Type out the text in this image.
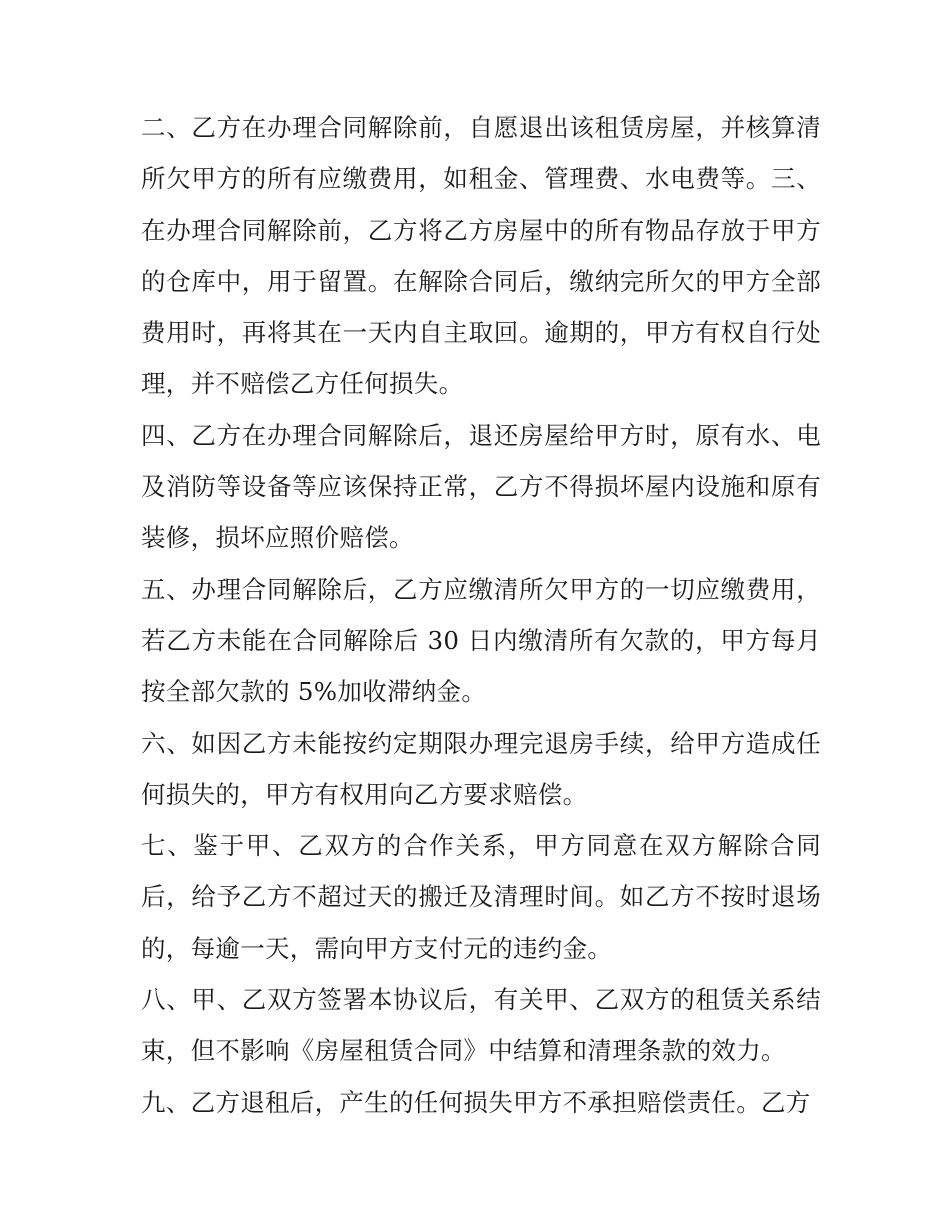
二、乙方在办理合同解除前，自愿退出该租赁房屋，并核算清所欠甲方的所有应缴费用，如租金、管理费、水电费等。三、在办理合同解除前，乙方将乙方房屋中的所有物品存放于甲方的仓库中，用于留置。在解除合同后，缴纳完所欠的甲方全部费用时，再将其在一天内自主取回。逾期的，甲方有权自行处理，并不赔偿乙方任何损失。

四、乙方在办理合同解除后，退还房屋给甲方时，原有水、电及消防等设备等应该保持正常，乙方不得损坏屋内设施和原有装修，损坏应照价赔偿。

五、办理合同解除后，乙方应缴清所欠甲方的一切应缴费用，若乙方未能在合同解除后 30 日内缴清所有欠款的，甲方每月按全部欠款的 5%加收滞纳金。

六、如因乙方未能按约定期限办理完退房手续，给甲方造成任何损失的，甲方有权用向乙方要求赔偿。

七、鉴于甲、乙双方的合作关系，甲方同意在双方解除合同后，给予乙方不超过天的搬迁及清理时间。如乙方不按时退场的，每逾一天，需向甲方支付元的违约金。

八、甲、乙双方签署本协议后，有关甲、乙双方的租赁关系结束，但不影响《房屋租赁合同》中结算和清理条款的效力。

九、乙方退租后，产生的任何损失甲方不承担赔偿责任。乙方
